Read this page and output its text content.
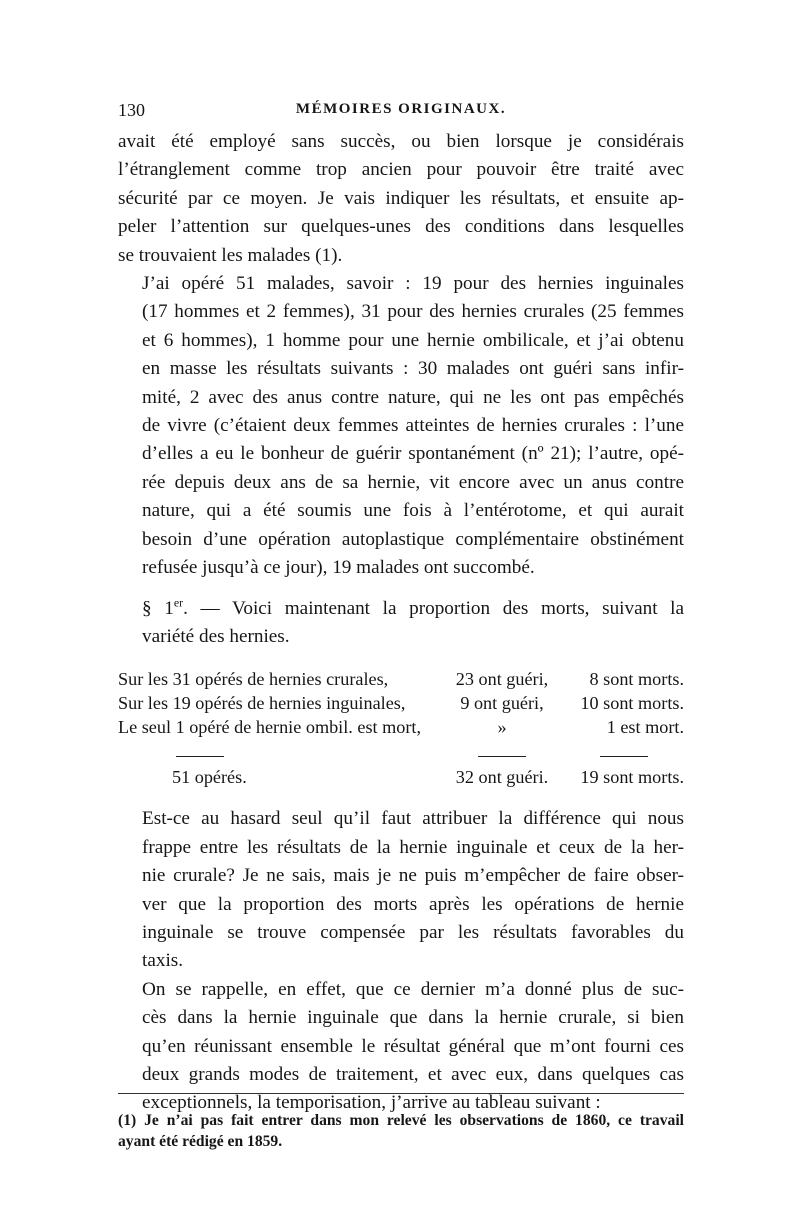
130	MÉMOIRES ORIGINAUX.

avait été employé sans succès, ou bien lorsque je considérais
l’étranglement comme trop ancien pour pouvoir être traité avec
sécurité par ce moyen. Je vais indiquer les résultats, et ensuite ap-
peler l’attention sur quelques-unes des conditions dans lesquelles
se trouvaient les malades (1).

J’ai opéré 51 malades, savoir : 19 pour des hernies inguinales
(17 hommes et 2 femmes), 31 pour des hernies crurales (25 femmes
et 6 hommes), 1 homme pour une hernie ombilicale, et j’ai obtenu
en masse les résultats suivants : 30 malades ont guéri sans infir-
mité, 2 avec des anus contre nature, qui ne les ont pas empêchés
de vivre (c’étaient deux femmes atteintes de hernies crurales : l’une
d’elles a eu le bonheur de guérir spontanément (nº 21); l’autre, opé-
rée depuis deux ans de sa hernie, vit encore avec un anus contre
nature, qui a été soumis une fois à l’entérotome, et qui aurait
besoin d’une opération autoplastique complémentaire obstinément
refusée jusqu’à ce jour), 19 malades ont succombé.

§ 1er. — Voici maintenant la proportion des morts, suivant la
variété des hernies.

Sur les 31 opérés de hernies crurales,	23 ont guéri,	8 sont morts.
Sur les 19 opérés de hernies inguinales,	9 ont guéri,	10 sont morts.
Le seul 1 opéré de hernie ombil. est mort,	»	1 est mort.

51 opérés.	32 ont guéri.	19 sont morts.

Est-ce au hasard seul qu’il faut attribuer la différence qui nous
frappe entre les résultats de la hernie inguinale et ceux de la her-
nie crurale? Je ne sais, mais je ne puis m’empêcher de faire obser-
ver que la proportion des morts après les opérations de hernie
inguinale se trouve compensée par les résultats favorables du
taxis.

On se rappelle, en effet, que ce dernier m’a donné plus de suc-
cès dans la hernie inguinale que dans la hernie crurale, si bien
qu’en réunissant ensemble le résultat général que m’ont fourni ces
deux grands modes de traitement, et avec eux, dans quelques cas
exceptionnels, la temporisation, j’arrive au tableau suivant :

(1) Je n’ai pas fait entrer dans mon relevé les observations de 1860, ce travail
ayant été rédigé en 1859.
